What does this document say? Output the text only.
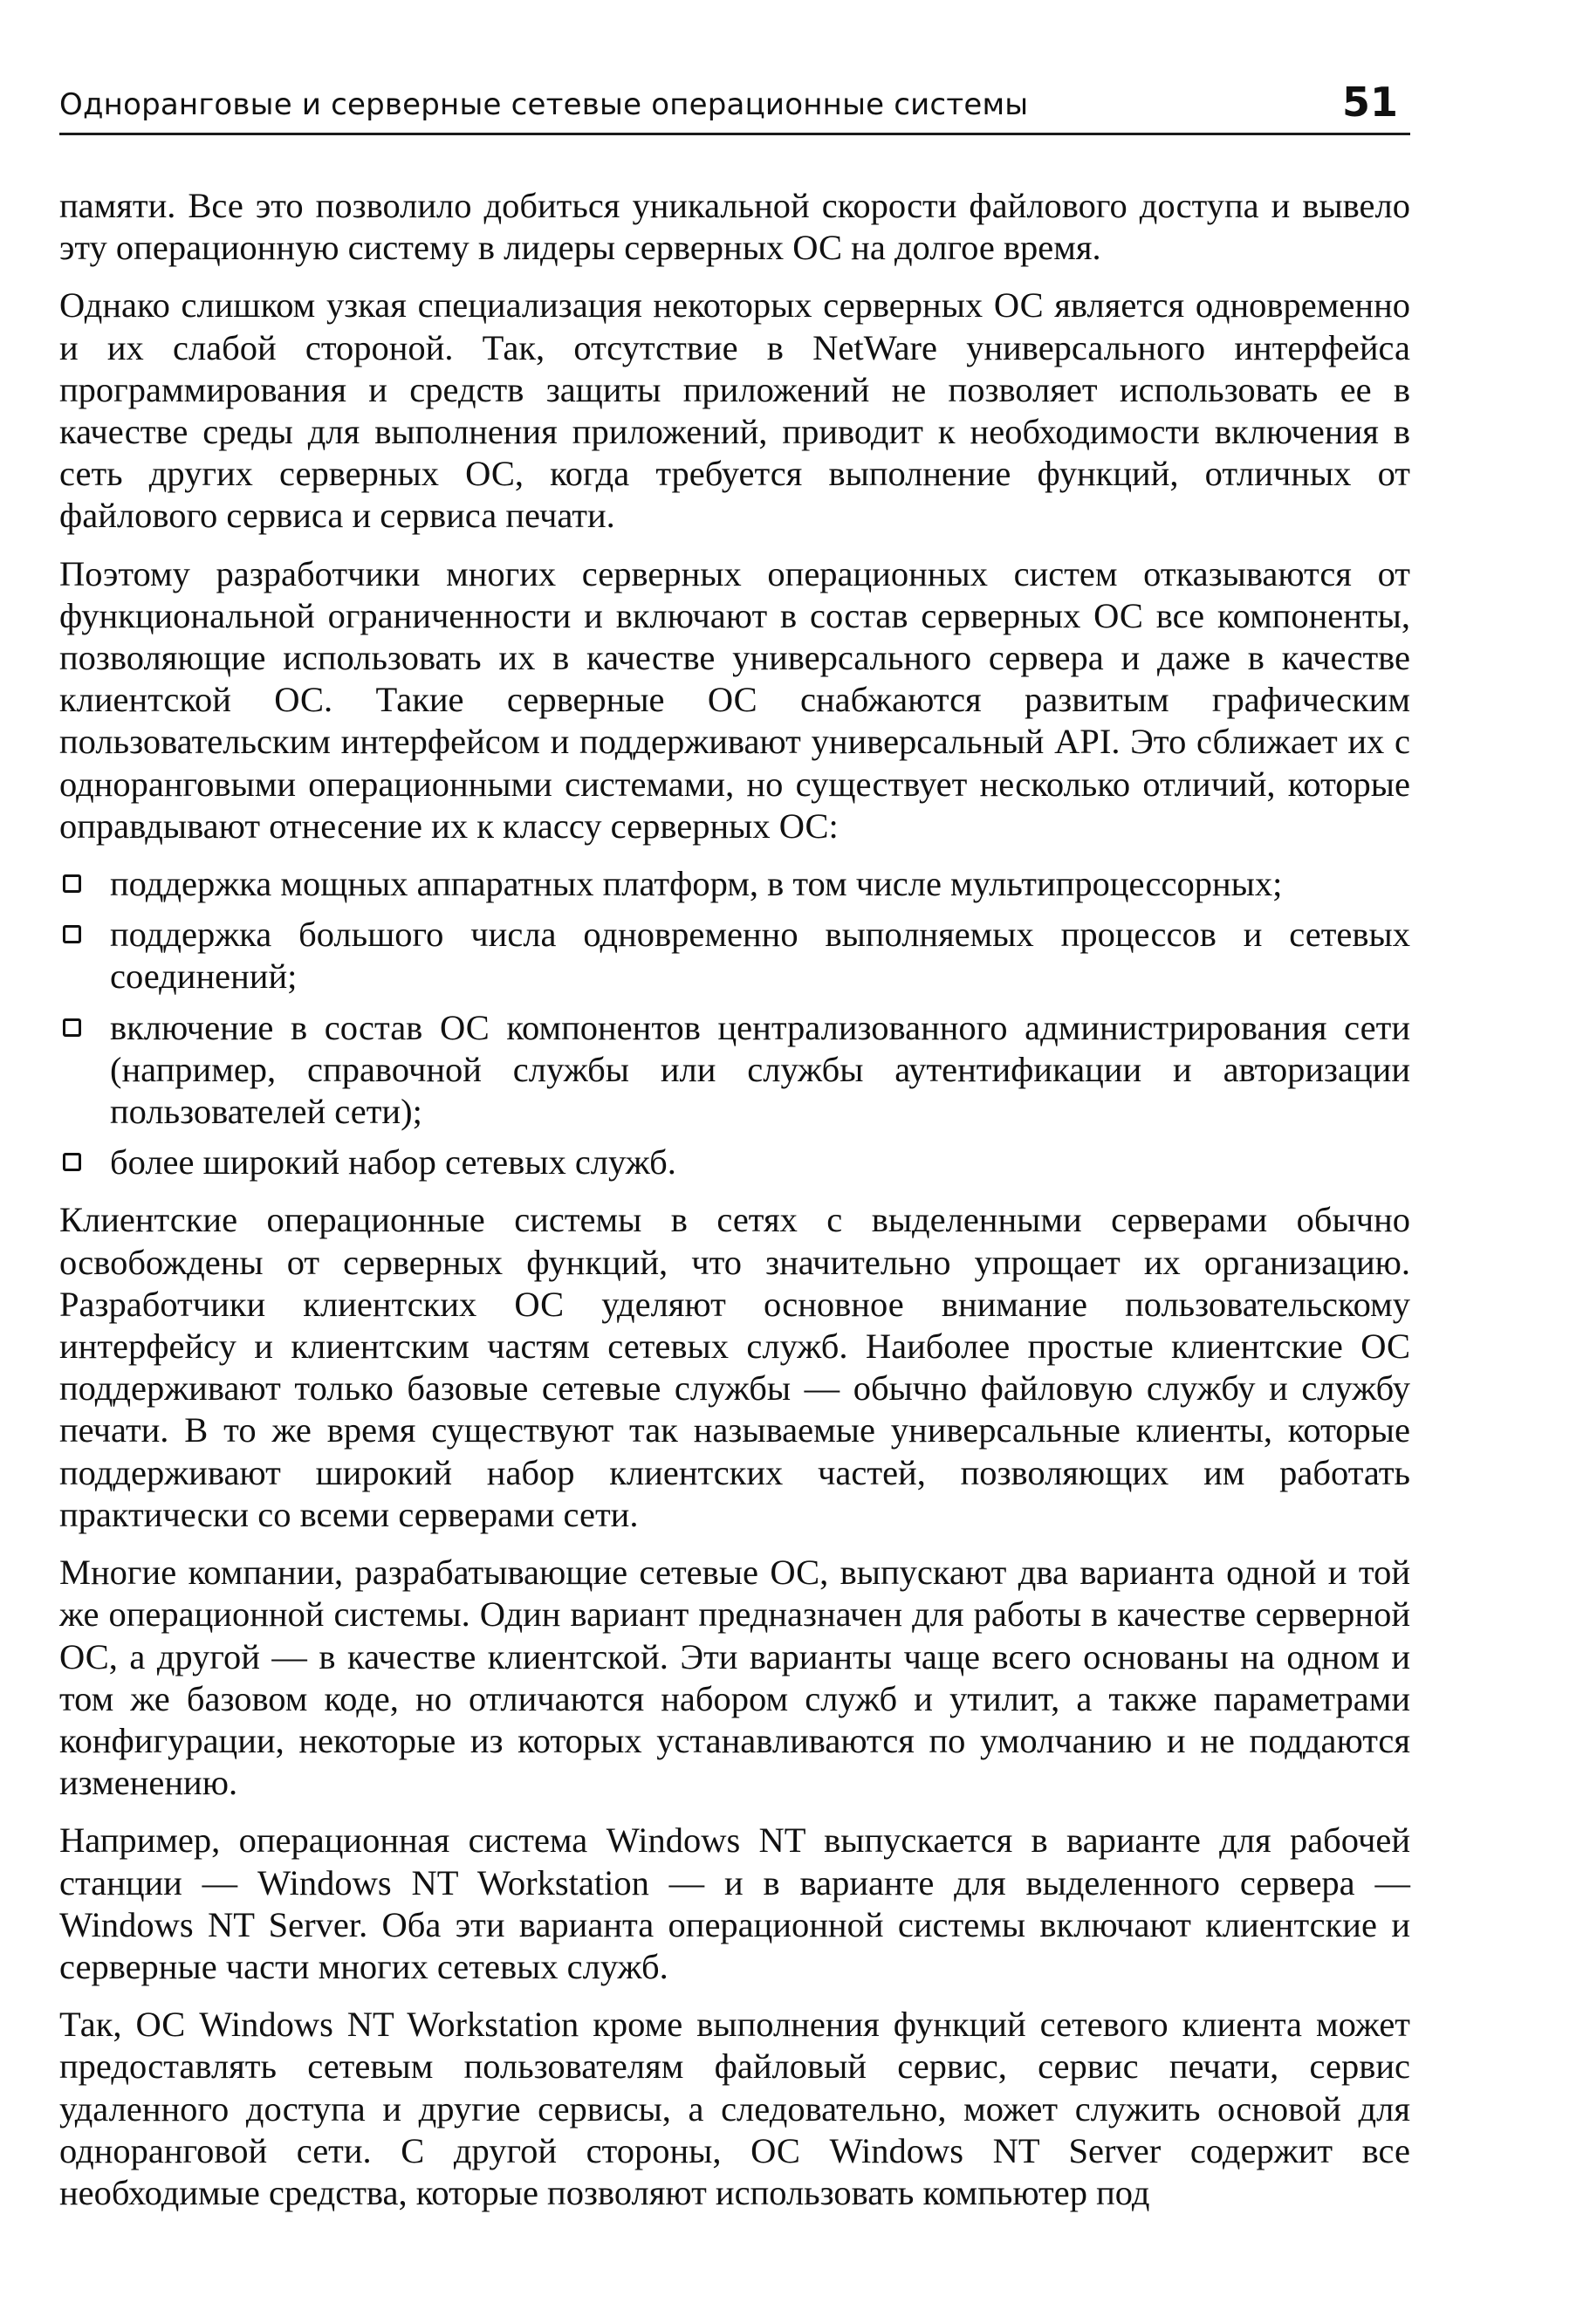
Одноранговые и серверные сетевые операционные системы	51

памяти. Все это позволило добиться уникальной скорости файлового доступа и вывело эту операционную систему в лидеры серверных ОС на долгое время.

Однако слишком узкая специализация некоторых серверных ОС является одновременно и их слабой стороной. Так, отсутствие в NetWare универсального интерфейса программирования и средств защиты приложений не позволяет использовать ее в качестве среды для выполнения приложений, приводит к необходимости включения в сеть других серверных ОС, когда требуется выполнение функций, отличных от файлового сервиса и сервиса печати.

Поэтому разработчики многих серверных операционных систем отказываются от функциональной ограниченности и включают в состав серверных ОС все компоненты, позволяющие использовать их в качестве универсального сервера и даже в качестве клиентской ОС. Такие серверные ОС снабжаются развитым графическим пользовательским интерфейсом и поддерживают универсальный API. Это сближает их с одноранговыми операционными системами, но существует несколько отличий, которые оправдывают отнесение их к классу серверных ОС:

поддержка мощных аппаратных платформ, в том числе мультипроцессорных;
поддержка большого числа одновременно выполняемых процессов и сетевых соединений;
включение в состав ОС компонентов централизованного администрирования сети (например, справочной службы или службы аутентификации и авторизации пользователей сети);
более широкий набор сетевых служб.

Клиентские операционные системы в сетях с выделенными серверами обычно освобождены от серверных функций, что значительно упрощает их организацию. Разработчики клиентских ОС уделяют основное внимание пользовательскому интерфейсу и клиентским частям сетевых служб. Наиболее простые клиентские ОС поддерживают только базовые сетевые службы — обычно файловую службу и службу печати. В то же время существуют так называемые универсальные клиенты, которые поддерживают широкий набор клиентских частей, позволяющих им работать практически со всеми серверами сети.

Многие компании, разрабатывающие сетевые ОС, выпускают два варианта одной и той же операционной системы. Один вариант предназначен для работы в качестве серверной ОС, а другой — в качестве клиентской. Эти варианты чаще всего основаны на одном и том же базовом коде, но отличаются набором служб и утилит, а также параметрами конфигурации, некоторые из которых устанавливаются по умолчанию и не поддаются изменению.

Например, операционная система Windows NT выпускается в варианте для рабочей станции — Windows NT Workstation — и в варианте для выделенного сервера — Windows NT Server. Оба эти варианта операционной системы включают клиентские и серверные части многих сетевых служб.

Так, ОС Windows NT Workstation кроме выполнения функций сетевого клиента может предоставлять сетевым пользователям файловый сервис, сервис печати, сервис удаленного доступа и другие сервисы, а следовательно, может служить основой для одноранговой сети. С другой стороны, ОС Windows NT Server содержит все необходимые средства, которые позволяют использовать компьютер под
